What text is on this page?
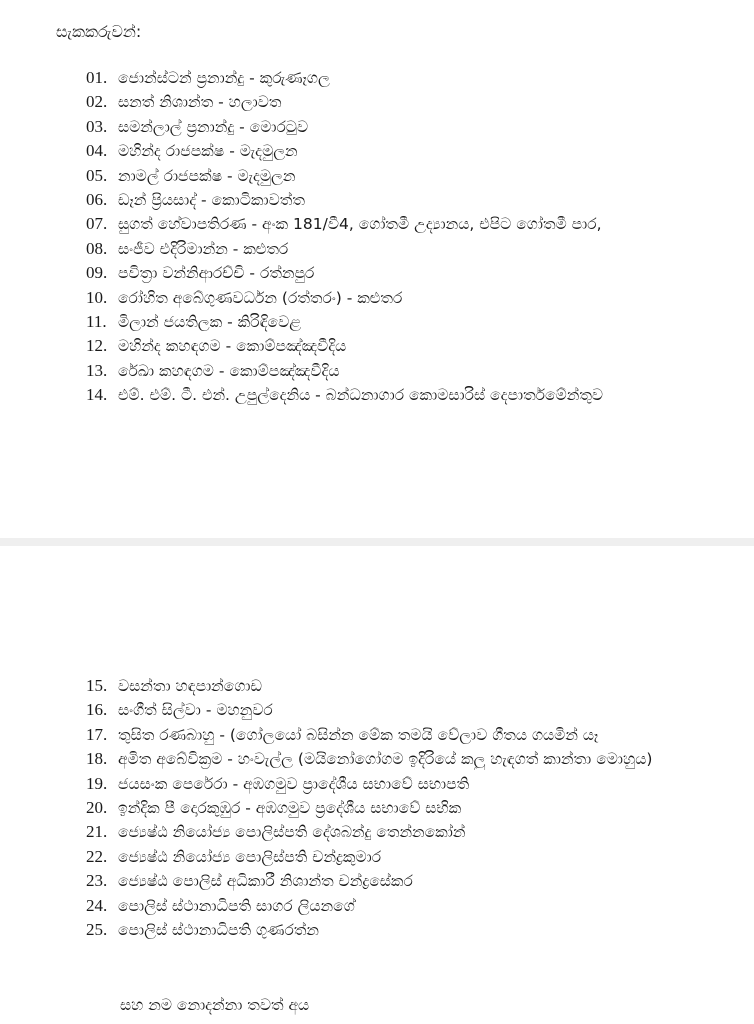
සැකකරුවන්:
01. ජොන්ස්ටන් ප්‍රනාන්දු - කුරුණෑගල
02. සනත් නිශාන්ත - හලාවත
03. සමන්ලාල් ප්‍රනාන්දු - මොරටුව
04. මහින්ද රාජපක්ෂ - මැදමුලන
05. නාමල් රාජපක්ෂ - මැදමුලන
06. ඩෑන් ප්‍රියසාද් - කොටිකාවත්ත
07. සුගත් හේවාපතිරණ - අංක 181/වී4, ගෝතමී උද්‍යානය, එපිට ගෝතමී පාර,
08. සංජීව එදිරිමාන්න - කළුතර
09. පවිත්‍රා වන්නිආරච්චි - රත්නපුර
10. රෝහිත අබේගුණවර්ධන (රත්තරං) - කළුතර
11. මිලාන් ජයතිලක - කිරිඳිවෙළ
12. මහින්ද කහඳගම - කොම්පඤ්ඤවීදිය
13. රේඛා කහඳගම - කොම්පඤ්ඤවීදිය
14. එම්. එම්. ටී. එන්. උපුල්දෙනිය - බන්ධනාගාර කොමසාරිස් දෙපාර්තමේන්තුව
15. වසන්තා හඳපාන්ගොඩ
16. සංගීත් සිල්වා - මහනුවර
17. තුසිත රණබාහු - (ගෝලයෝ බසින්න මේක තමයි වේලාව ගීතය ගයමින් යෑ
18. අමිත අබේවික්‍රම - හංවැල්ල (මයිනෝගෝගම ඉදිරියේ කලු හැඳගත් කාන්තා මොහුය)
19. ජයසංක පෙරේරා - අඹගමුව ප්‍රාදේශීය සභාවේ සභාපති
20. ඉන්දික පී දොරකුඹුර - අඹගමුව ප්‍රදේශීය සභාවේ සභික
21. ජ්‍යෙෂ්ඨ නියෝජ්‍ය පොලිස්පති දේශබන්දු තෙන්නකෝන්
22. ජ්‍යෙෂ්ඨ නියෝජ්‍ය පොලිස්පති චන්ද්‍රකුමාර
23. ජ්‍යෙෂ්ඨ පොලිස් අධිකාරී නිශාන්ත චන්ද්‍රසේකර
24. පොලිස් ස්ථානාධිපති සාගර ලියනගේ
25. පොලිස් ස්ථානාධිපති ගුණරත්න
සහ නම නොදන්නා තවත් අය
